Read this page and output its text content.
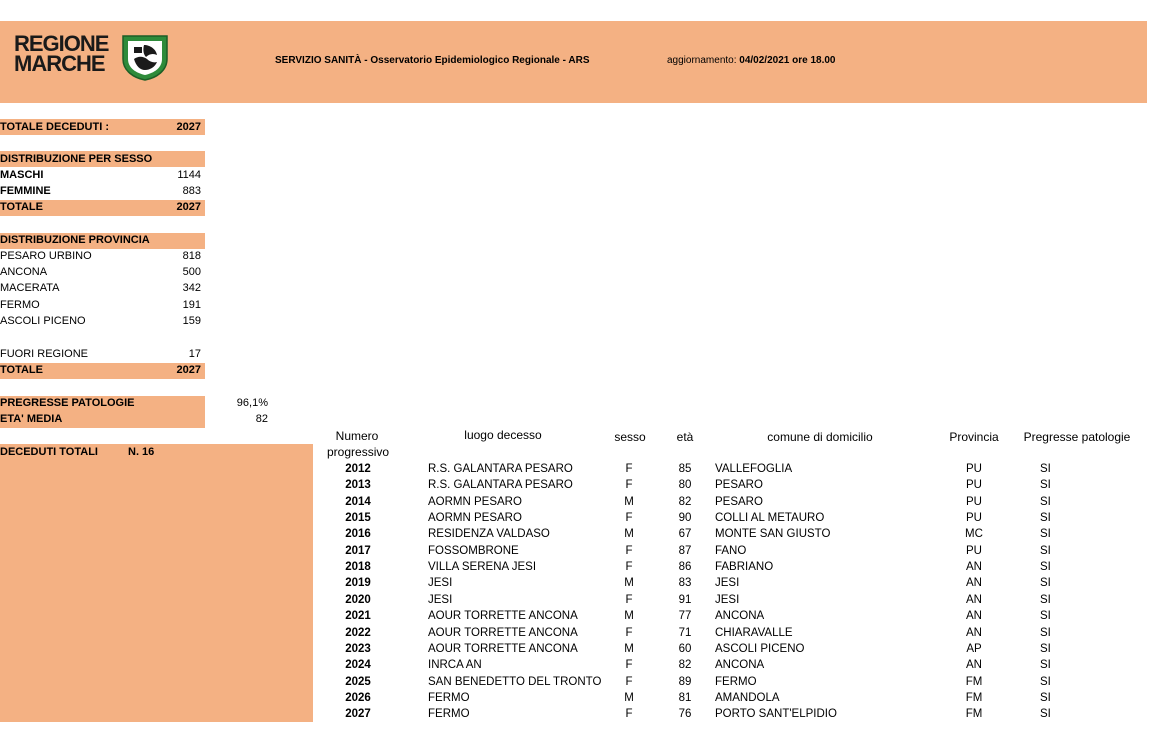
REGIONE
MARCHE	SERVIZIO SANITÀ - Osservatorio Epidemiologico Regionale - ARS	aggiornamento: 04/02/2021 ore 18.00
TOTALE DECEDUTI :	2027
DISTRIBUZIONE PER SESSO
MASCHI	1144
FEMMINE	883
TOTALE	2027
DISTRIBUZIONE PROVINCIA
PESARO URBINO	818
ANCONA	500
MACERATA	342
FERMO	191
ASCOLI PICENO	159
FUORI REGIONE	17
TOTALE	2027
PREGRESSE PATOLOGIE	96,1%
ETA' MEDIA	82
DECEDUTI TOTALI	N. 16
Numero
progressivo
luogo decesso	sesso	età	comune di domicilio	Provincia	Pregresse patologie
2012	R.S. GALANTARA PESARO	F	85	VALLEFOGLIA	PU	SI
2013	R.S. GALANTARA PESARO	F	80	PESARO	PU	SI
2014	AORMN PESARO	M	82	PESARO	PU	SI
2015	AORMN PESARO	F	90	COLLI AL METAURO	PU	SI
2016	RESIDENZA VALDASO	M	67	MONTE SAN GIUSTO	MC	SI
2017	FOSSOMBRONE	F	87	FANO	PU	SI
2018	VILLA SERENA JESI	F	86	FABRIANO	AN	SI
2019	JESI	M	83	JESI	AN	SI
2020	JESI	F	91	JESI	AN	SI
2021	AOUR TORRETTE ANCONA	M	77	ANCONA	AN	SI
2022	AOUR TORRETTE ANCONA	F	71	CHIARAVALLE	AN	SI
2023	AOUR TORRETTE ANCONA	M	60	ASCOLI PICENO	AP	SI
2024	INRCA AN	F	82	ANCONA	AN	SI
2025	SAN BENEDETTO DEL TRONTO	F	89	FERMO	FM	SI
2026	FERMO	M	81	AMANDOLA	FM	SI
2027	FERMO	F	76	PORTO SANT'ELPIDIO	FM	SI
